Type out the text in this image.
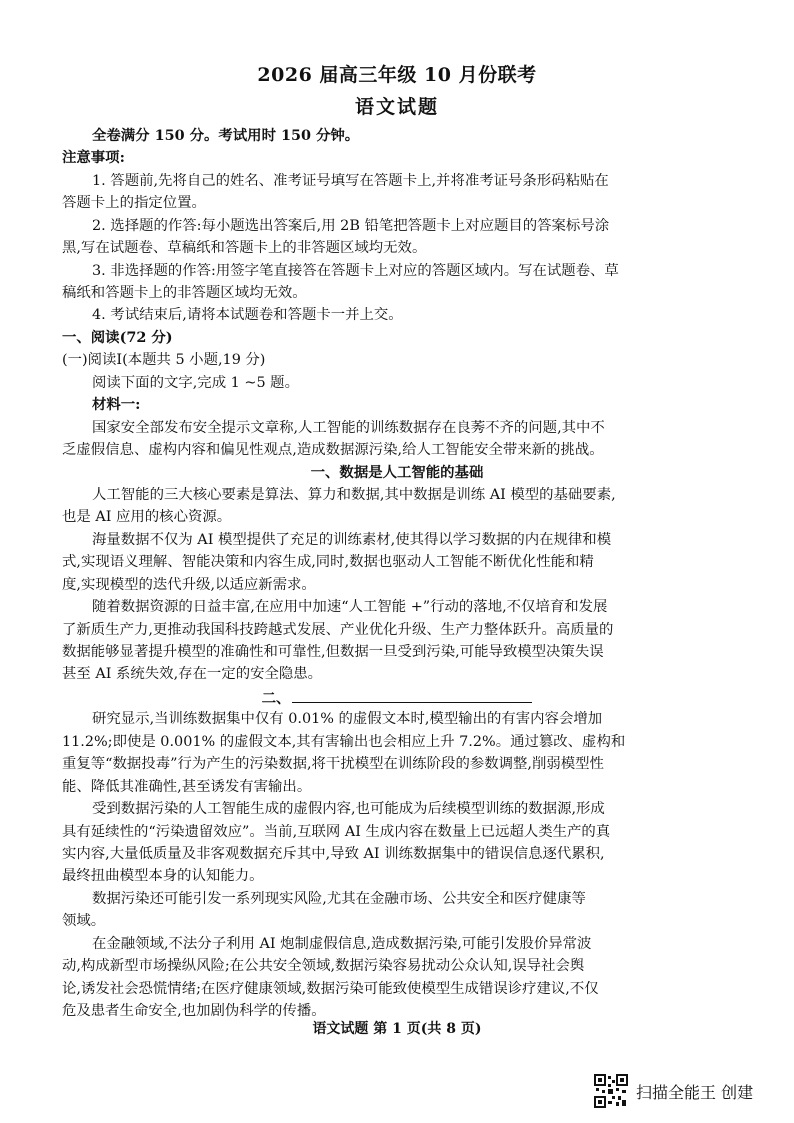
2026 届高三年级 10 月份联考
语文试题
全卷满分 150 分。考试用时 150 分钟。
注意事项:
1. 答题前,先将自己的姓名、准考证号填写在答题卡上,并将准考证号条形码粘贴在
答题卡上的指定位置。
2. 选择题的作答:每小题选出答案后,用 2B 铅笔把答题卡上对应题目的答案标号涂
黑,写在试题卷、草稿纸和答题卡上的非答题区域均无效。
3. 非选择题的作答:用签字笔直接答在答题卡上对应的答题区域内。写在试题卷、草
稿纸和答题卡上的非答题区域均无效。
4. 考试结束后,请将本试题卷和答题卡一并上交。
一、阅读(72 分)
(一)阅读Ⅰ(本题共 5 小题,19 分)
阅读下面的文字,完成 1 ~5 题。
材料一:
国家安全部发布安全提示文章称,人工智能的训练数据存在良莠不齐的问题,其中不
乏虚假信息、虚构内容和偏见性观点,造成数据源污染,给人工智能安全带来新的挑战。
一、数据是人工智能的基础
人工智能的三大核心要素是算法、算力和数据,其中数据是训练 AI 模型的基础要素,
也是 AI 应用的核心资源。
海量数据不仅为 AI 模型提供了充足的训练素材,使其得以学习数据的内在规律和模
式,实现语义理解、智能决策和内容生成,同时,数据也驱动人工智能不断优化性能和精
度,实现模型的迭代升级,以适应新需求。
随着数据资源的日益丰富,在应用中加速“人工智能 +”行动的落地,不仅培育和发展
了新质生产力,更推动我国科技跨越式发展、产业优化升级、生产力整体跃升。高质量的
数据能够显著提升模型的准确性和可靠性,但数据一旦受到污染,可能导致模型决策失误
甚至 AI 系统失效,存在一定的安全隐患。
二、
研究显示,当训练数据集中仅有 0.01% 的虚假文本时,模型输出的有害内容会增加
11.2%;即使是 0.001% 的虚假文本,其有害输出也会相应上升 7.2%。通过篡改、虚构和
重复等“数据投毒”行为产生的污染数据,将干扰模型在训练阶段的参数调整,削弱模型性
能、降低其准确性,甚至诱发有害输出。
受到数据污染的人工智能生成的虚假内容,也可能成为后续模型训练的数据源,形成
具有延续性的“污染遗留效应”。当前,互联网 AI 生成内容在数量上已远超人类生产的真
实内容,大量低质量及非客观数据充斥其中,导致 AI 训练数据集中的错误信息逐代累积,
最终扭曲模型本身的认知能力。
数据污染还可能引发一系列现实风险,尤其在金融市场、公共安全和医疗健康等
领域。
语文试题 第 1 页(共 8 页)
扫描全能王 创建
在金融领域,不法分子利用 AI 炮制虚假信息,造成数据污染,可能引发股价异常波
动,构成新型市场操纵风险;在公共安全领域,数据污染容易扰动公众认知,误导社会舆
论,诱发社会恐慌情绪;在医疗健康领域,数据污染可能致使模型生成错误诊疗建议,不仅
危及患者生命安全,也加剧伪科学的传播。
